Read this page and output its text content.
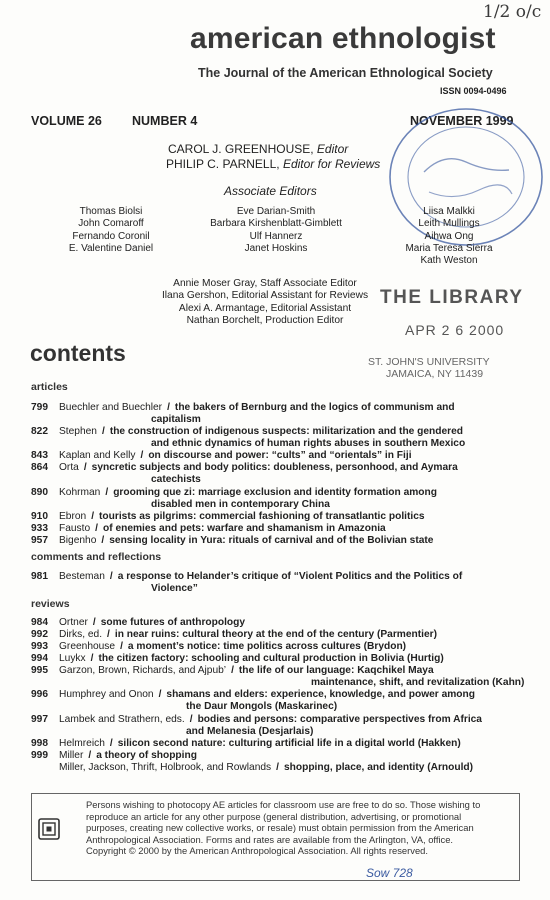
1/2 o/c
american ethnologist
The Journal of the American Ethnological Society
ISSN 0094-0496
VOLUME 26 NUMBER 4	NOVEMBER 1999
CAROL J. GREENHOUSE, Editor
PHILIP C. PARNELL, Editor for Reviews
Associate Editors
Thomas Biolsi
John Comaroff
Fernando Coronil
E. Valentine Daniel
Eve Darian-Smith
Barbara Kirshenblatt-Gimblett
Ulf Hannerz
Janet Hoskins
Liisa Malkki
Leith Mullings
Aihwa Ong
Maria Teresa Sierra
Kath Weston
Annie Moser Gray, Staff Associate Editor
Ilana Gershon, Editorial Assistant for Reviews
Alexi A. Armantage, Editorial Assistant
Nathan Borchelt, Production Editor
THE LIBRARY
APR 2 6 2000
ST. JOHN'S UNIVERSITY
JAMAICA, NY 11439
contents
articles
799 Buechler and Buechler / the bakers of Bernburg and the logics of communism and
capitalism
822 Stephen / the construction of indigenous suspects: militarization and the gendered
and ethnic dynamics of human rights abuses in southern Mexico
843 Kaplan and Kelly / on discourse and power: “cults” and “orientals” in Fiji
864 Orta / syncretic subjects and body politics: doubleness, personhood, and Aymara
catechists
890 Kohrman / grooming que zi: marriage exclusion and identity formation among
disabled men in contemporary China
910 Ebron / tourists as pilgrims: commercial fashioning of transatlantic politics
933 Fausto / of enemies and pets: warfare and shamanism in Amazonia
957 Bigenho / sensing locality in Yura: rituals of carnival and of the Bolivian state
comments and reflections
981 Besteman / a response to Helander’s critique of “Violent Politics and the Politics of
Violence”
reviews
984 Ortner / some futures of anthropology
992 Dirks, ed. / in near ruins: cultural theory at the end of the century (Parmentier)
993 Greenhouse / a moment’s notice: time politics across cultures (Brydon)
994 Luykx / the citizen factory: schooling and cultural production in Bolivia (Hurtig)
995 Garzon, Brown, Richards, and Ajpub’ / the life of our language: Kaqchikel Maya
maintenance, shift, and revitalization (Kahn)
996 Humphrey and Onon / shamans and elders: experience, knowledge, and power among
the Daur Mongols (Maskarinec)
997 Lambek and Strathern, eds. / bodies and persons: comparative perspectives from Africa
and Melanesia (Desjarlais)
998 Helmreich / silicon second nature: culturing artificial life in a digital world (Hakken)
999 Miller / a theory of shopping
Miller, Jackson, Thrift, Holbrook, and Rowlands / shopping, place, and identity (Arnould)
Persons wishing to photocopy AE articles for classroom use are free to do so. Those wishing to
reproduce an article for any other purpose (general distribution, advertising, or promotional
purposes, creating new collective works, or resale) must obtain permission from the American
Anthropological Association. Forms and rates are available from the Arlington, VA, office.
Copyright © 2000 by the American Anthropological Association. All rights reserved.
Sow 728
